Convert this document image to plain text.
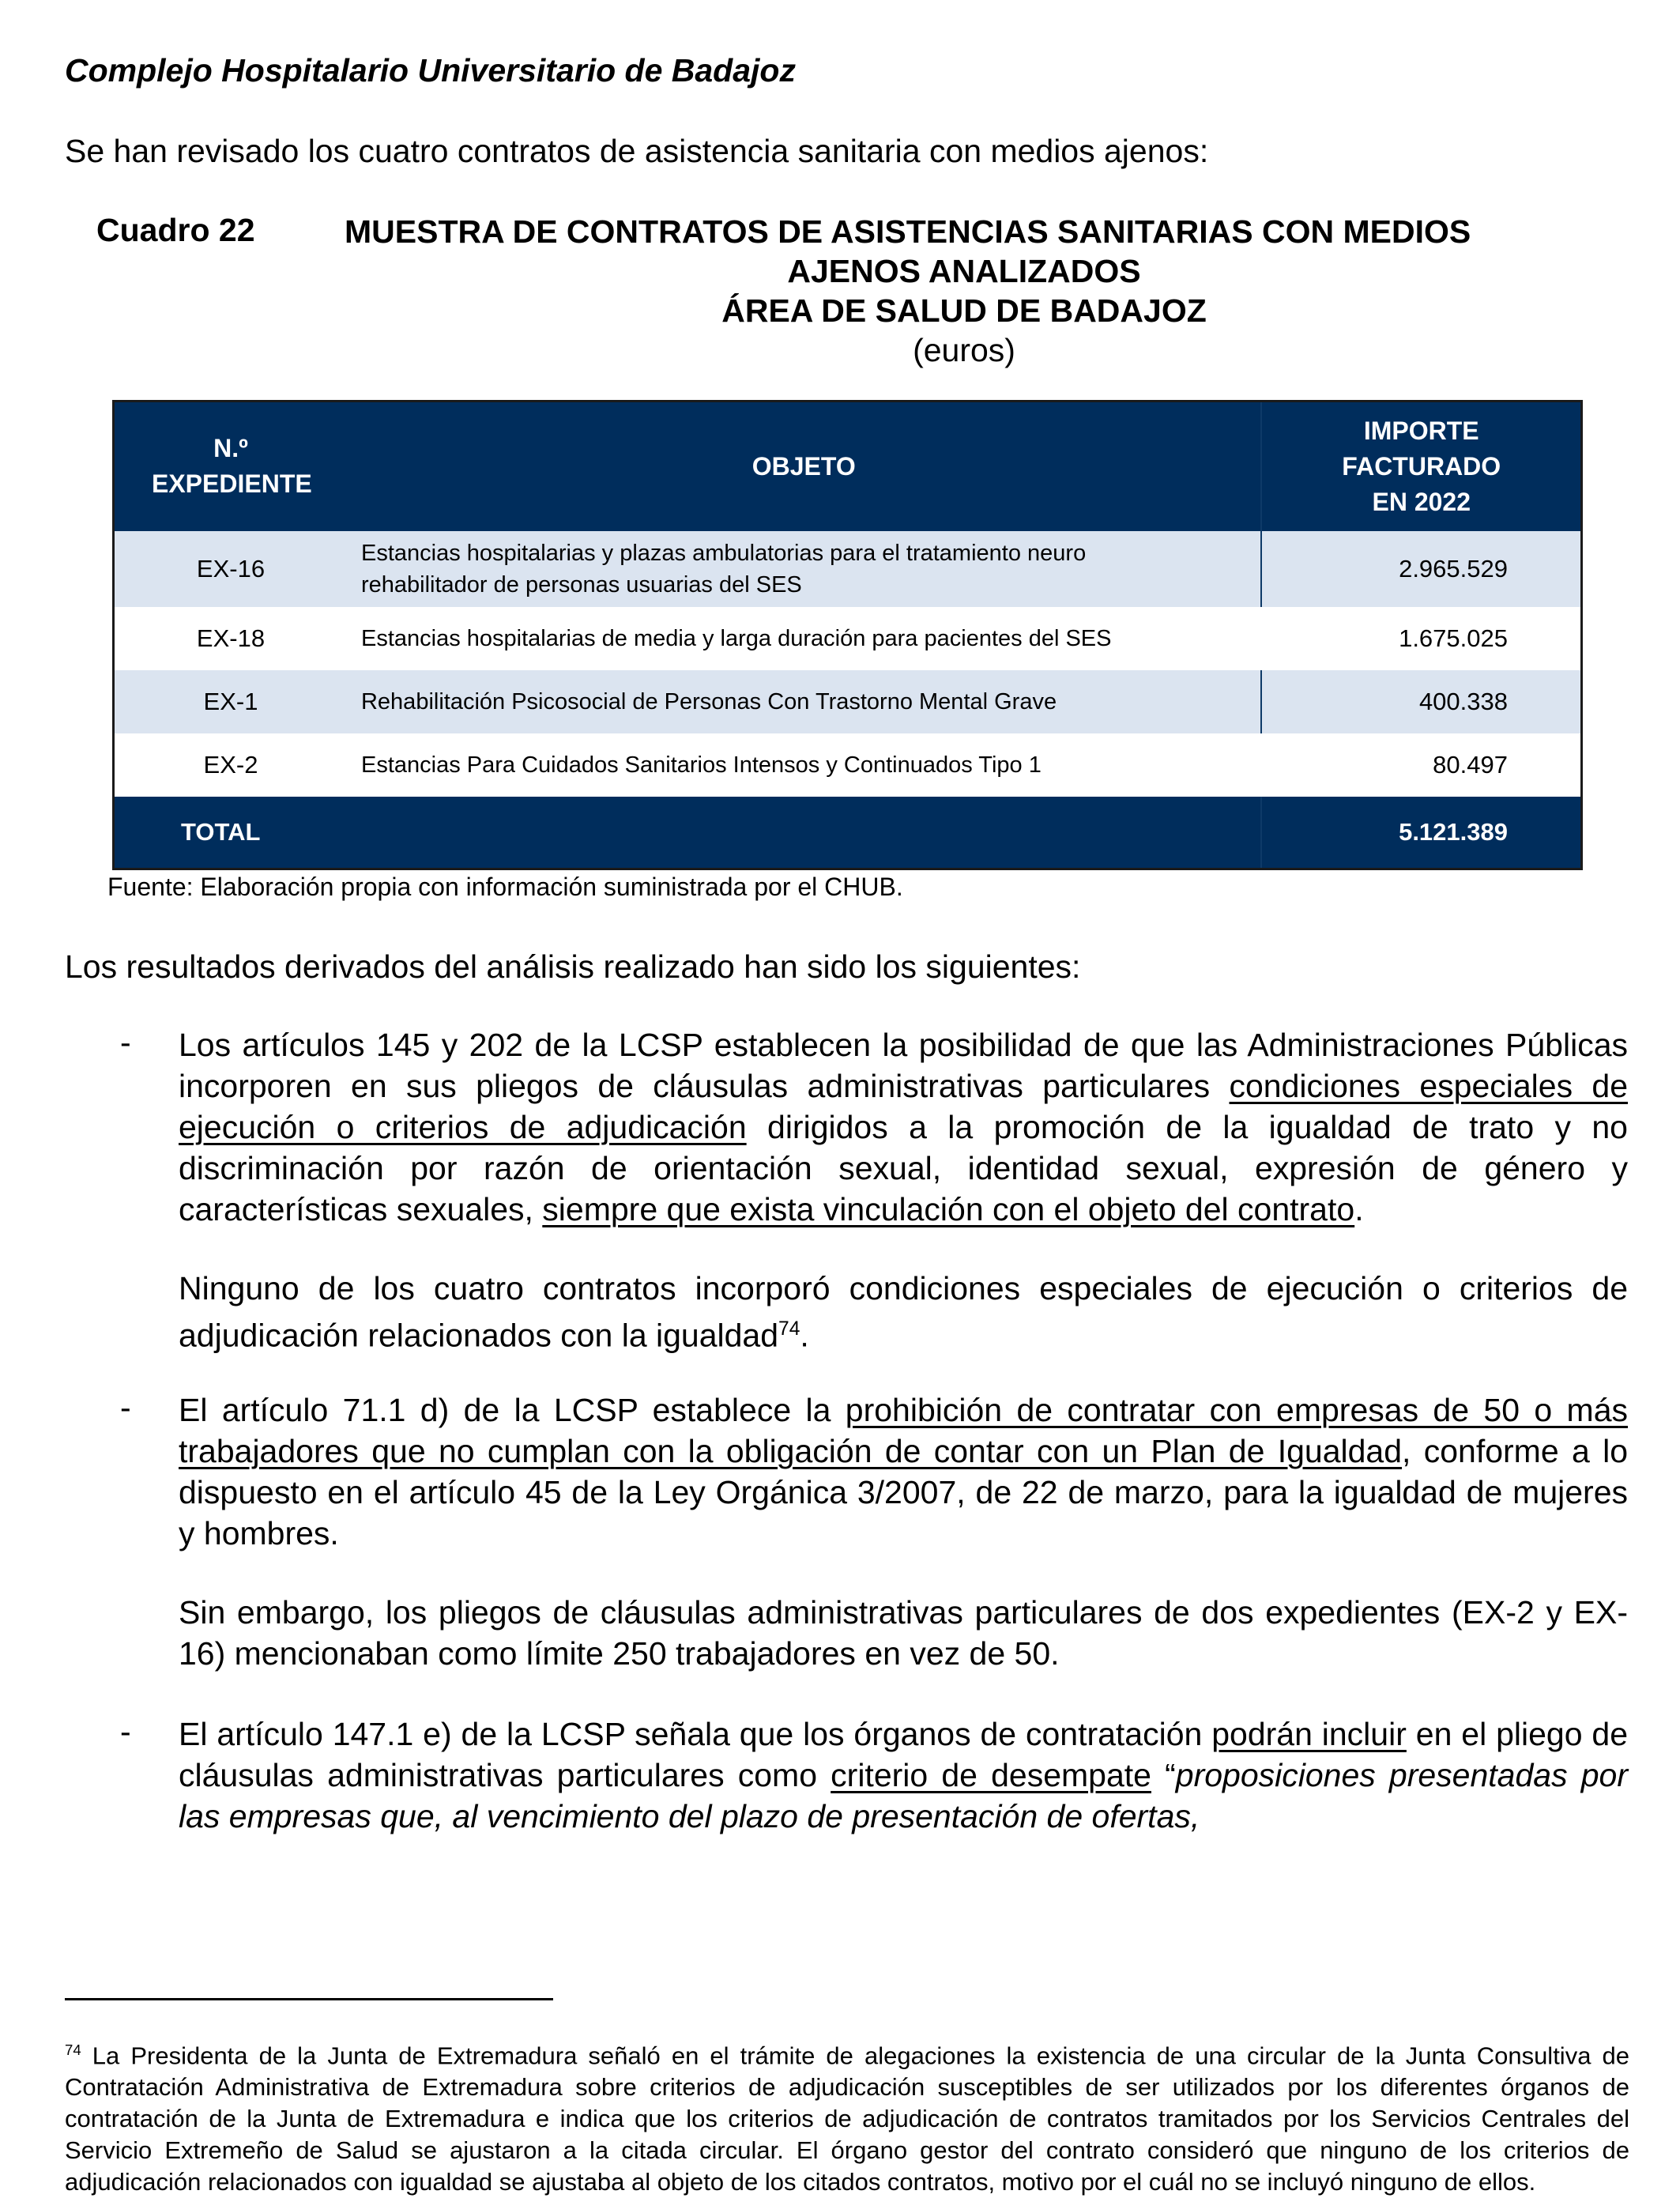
Complejo Hospitalario Universitario de Badajoz
Se han revisado los cuatro contratos de asistencia sanitaria con medios ajenos:
Cuadro 22	MUESTRA DE CONTRATOS DE ASISTENCIAS SANITARIAS CON MEDIOS
AJENOS ANALIZADOS
ÁREA DE SALUD DE BADAJOZ
(euros)
N.º EXPEDIENTE	OBJETO	IMPORTE FACTURADO EN 2022
EX-16	Estancias hospitalarias y plazas ambulatorias para el tratamiento neuro rehabilitador de personas usuarias del SES	2.965.529
EX-18	Estancias hospitalarias de media y larga duración para pacientes del SES	1.675.025
EX-1	Rehabilitación Psicosocial de Personas Con Trastorno Mental Grave	400.338
EX-2	Estancias Para Cuidados Sanitarios Intensos y Continuados Tipo 1	80.497
TOTAL		5.121.389
Fuente: Elaboración propia con información suministrada por el CHUB.
Los resultados derivados del análisis realizado han sido los siguientes:
- Los artículos 145 y 202 de la LCSP establecen la posibilidad de que las Administraciones Públicas incorporen en sus pliegos de cláusulas administrativas particulares condiciones especiales de ejecución o criterios de adjudicación dirigidos a la promoción de la igualdad de trato y no discriminación por razón de orientación sexual, identidad sexual, expresión de género y características sexuales, siempre que exista vinculación con el objeto del contrato.
Ninguno de los cuatro contratos incorporó condiciones especiales de ejecución o criterios de adjudicación relacionados con la igualdad$^{74}$.
- El artículo 71.1 d) de la LCSP establece la prohibición de contratar con empresas de 50 o más trabajadores que no cumplan con la obligación de contar con un Plan de Igualdad, conforme a lo dispuesto en el artículo 45 de la Ley Orgánica 3/2007, de 22 de marzo, para la igualdad de mujeres y hombres.
Sin embargo, los pliegos de cláusulas administrativas particulares de dos expedientes (EX-2 y EX-16) mencionaban como límite 250 trabajadores en vez de 50.
- El artículo 147.1 e) de la LCSP señala que los órganos de contratación podrán incluir en el pliego de cláusulas administrativas particulares como criterio de desempate “proposiciones presentadas por las empresas que, al vencimiento del plazo de presentación de ofertas,
$^{74}$ La Presidenta de la Junta de Extremadura señaló en el trámite de alegaciones la existencia de una circular de la Junta Consultiva de Contratación Administrativa de Extremadura sobre criterios de adjudicación susceptibles de ser utilizados por los diferentes órganos de contratación de la Junta de Extremadura e indica que los criterios de adjudicación de contratos tramitados por los Servicios Centrales del Servicio Extremeño de Salud se ajustaron a la citada circular. El órgano gestor del contrato consideró que ninguno de los criterios de adjudicación relacionados con igualdad se ajustaba al objeto de los citados contratos, motivo por el cuál no se incluyó ninguno de ellos.
